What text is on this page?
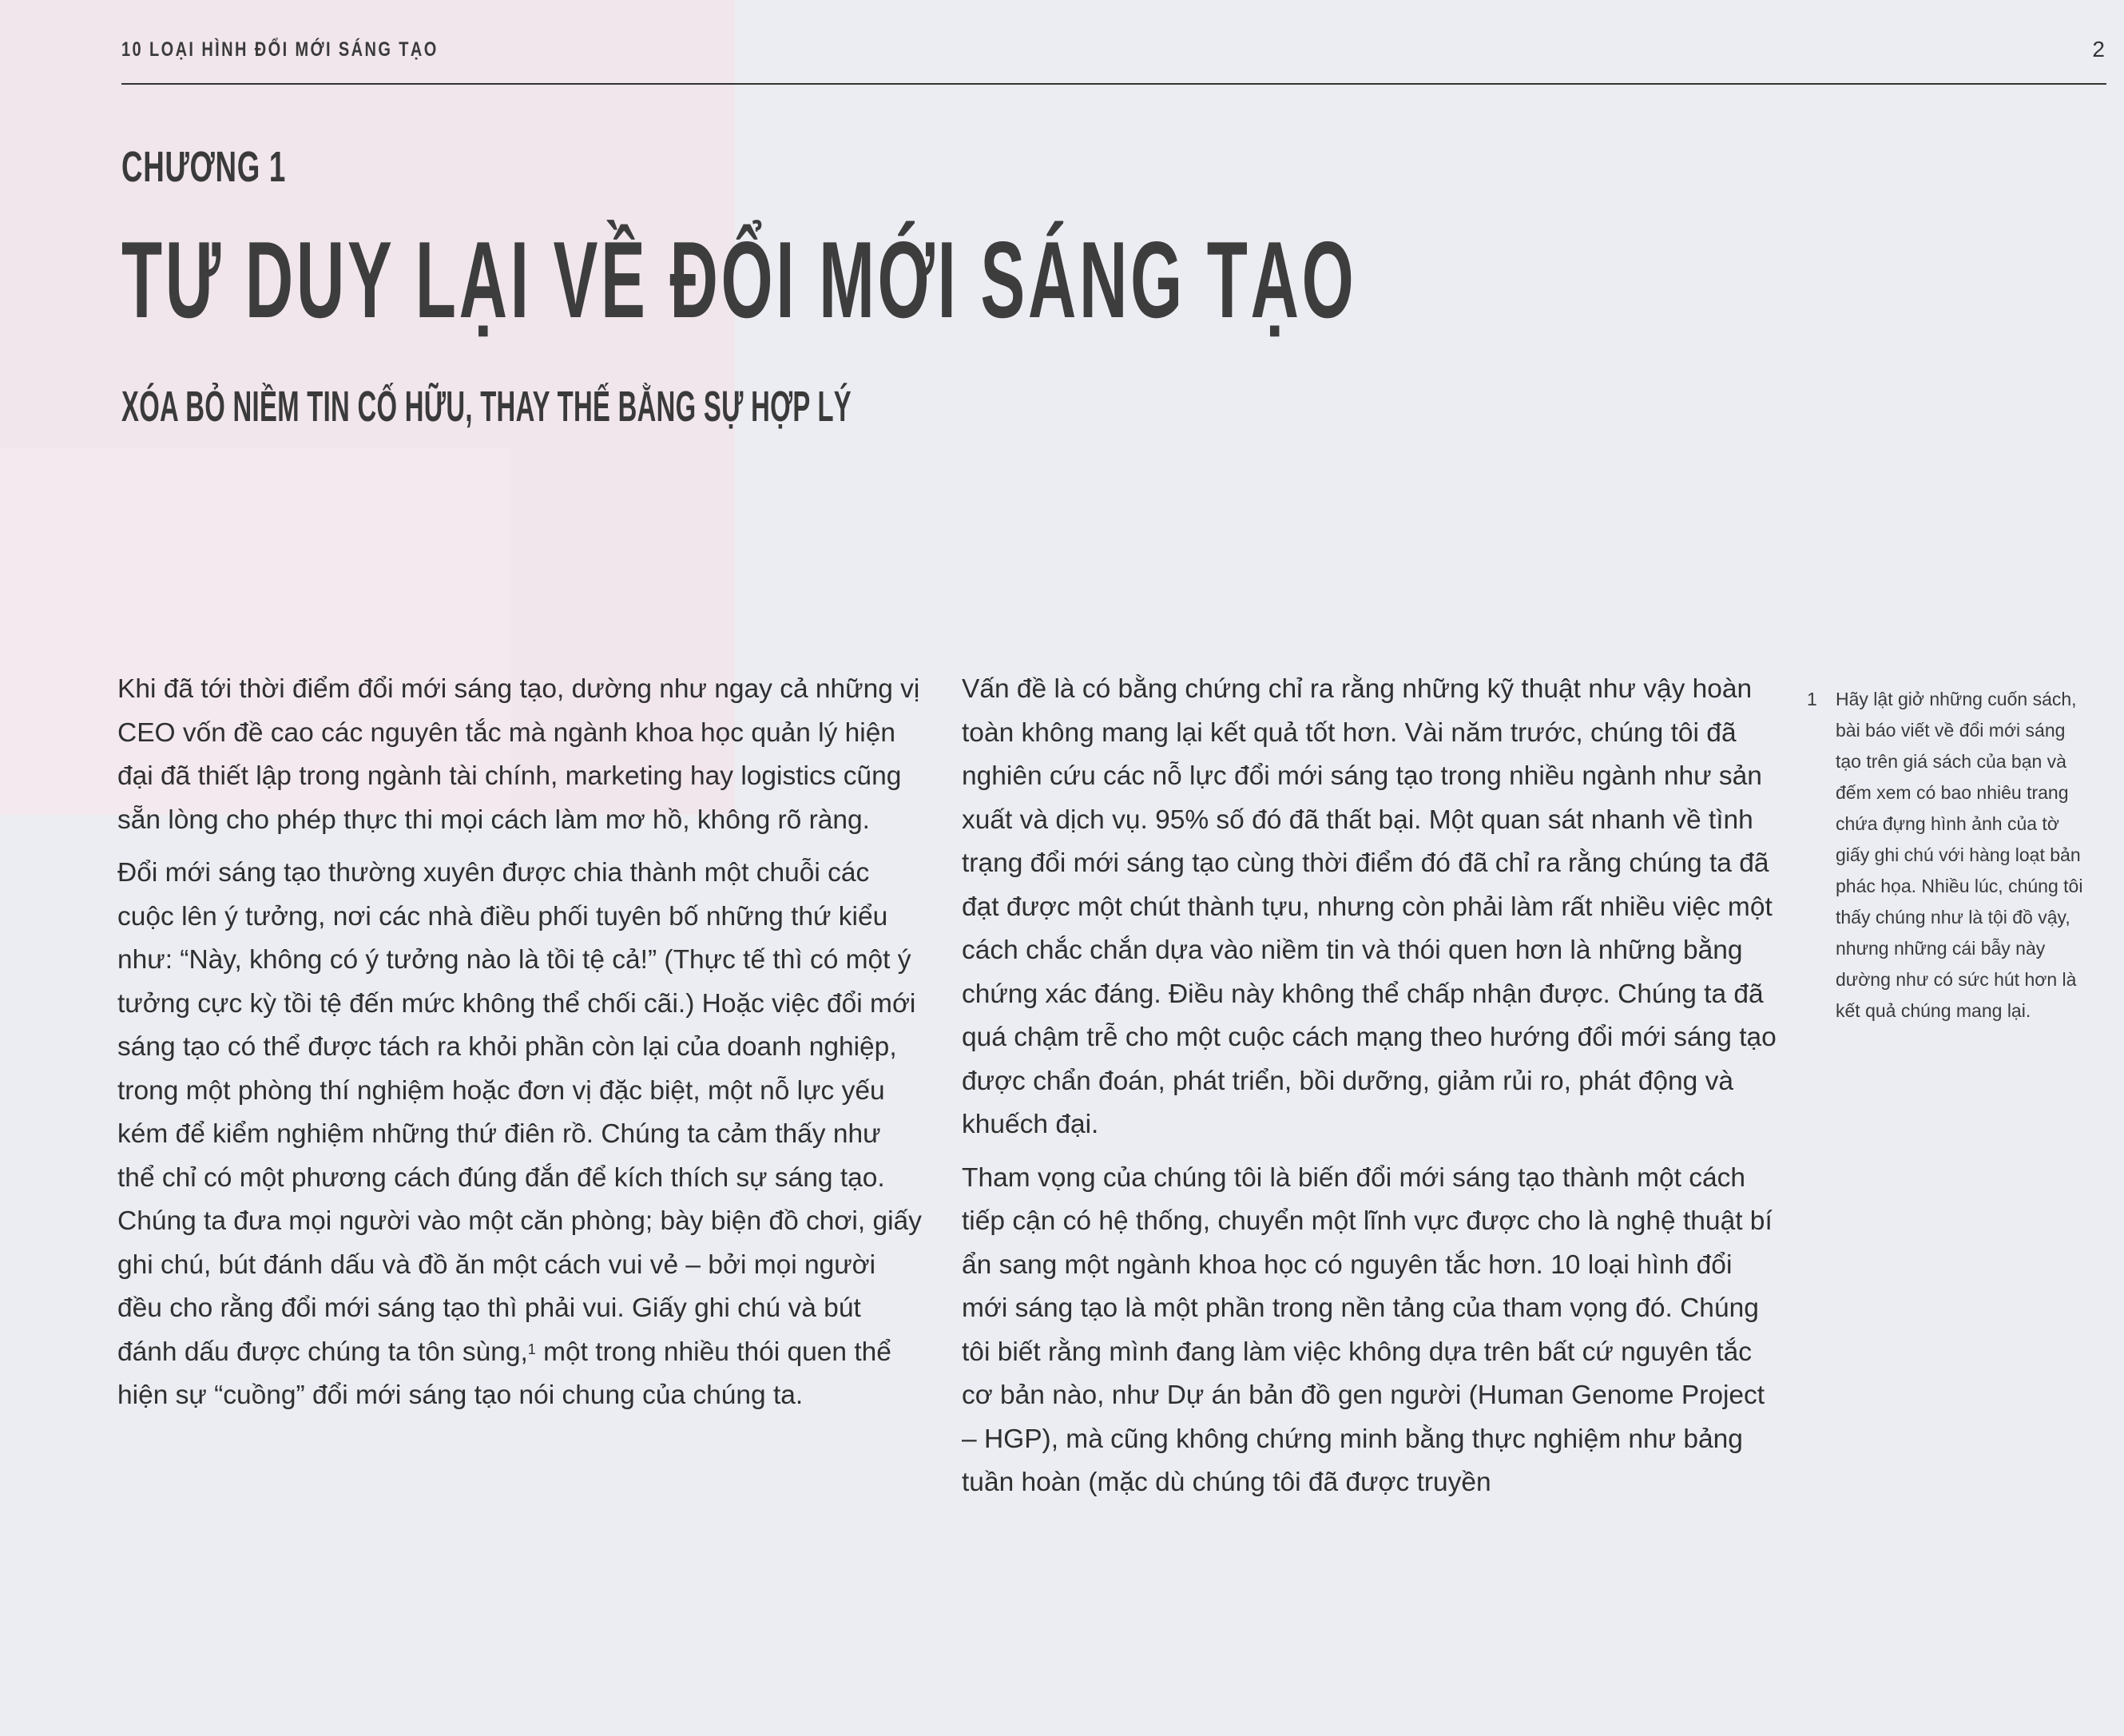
10 LOẠI HÌNH ĐỔI MỚI SÁNG TẠO	2
CHƯƠNG 1
TƯ DUY LẠI VỀ ĐỔI MỚI SÁNG TẠO
XÓA BỎ NIỀM TIN CỐ HỮU, THAY THẾ BẰNG SỰ HỢP LÝ

Khi đã tới thời điểm đổi mới sáng tạo, dường như ngay cả những vị CEO vốn đề cao các nguyên tắc mà ngành khoa học quản lý hiện đại đã thiết lập trong ngành tài chính, marketing hay logistics cũng sẵn lòng cho phép thực thi mọi cách làm mơ hồ, không rõ ràng.

Đổi mới sáng tạo thường xuyên được chia thành một chuỗi các cuộc lên ý tưởng, nơi các nhà điều phối tuyên bố những thứ kiểu như: “Này, không có ý tưởng nào là tồi tệ cả!” (Thực tế thì có một ý tưởng cực kỳ tồi tệ đến mức không thể chối cãi.) Hoặc việc đổi mới sáng tạo có thể được tách ra khỏi phần còn lại của doanh nghiệp, trong một phòng thí nghiệm hoặc đơn vị đặc biệt, một nỗ lực yếu kém để kiểm nghiệm những thứ điên rồ. Chúng ta cảm thấy như thể chỉ có một phương cách đúng đắn để kích thích sự sáng tạo. Chúng ta đưa mọi người vào một căn phòng; bày biện đồ chơi, giấy ghi chú, bút đánh dấu và đồ ăn một cách vui vẻ – bởi mọi người đều cho rằng đổi mới sáng tạo thì phải vui. Giấy ghi chú và bút đánh dấu được chúng ta tôn sùng,$^1$ một trong nhiều thói quen thể hiện sự “cuồng” đổi mới sáng tạo nói chung của chúng ta.

Vấn đề là có bằng chứng chỉ ra rằng những kỹ thuật như vậy hoàn toàn không mang lại kết quả tốt hơn. Vài năm trước, chúng tôi đã nghiên cứu các nỗ lực đổi mới sáng tạo trong nhiều ngành như sản xuất và dịch vụ. 95% số đó đã thất bại. Một quan sát nhanh về tình trạng đổi mới sáng tạo cùng thời điểm đó đã chỉ ra rằng chúng ta đã đạt được một chút thành tựu, nhưng còn phải làm rất nhiều việc một cách chắc chắn dựa vào niềm tin và thói quen hơn là những bằng chứng xác đáng. Điều này không thể chấp nhận được. Chúng ta đã quá chậm trễ cho một cuộc cách mạng theo hướng đổi mới sáng tạo được chẩn đoán, phát triển, bồi dưỡng, giảm rủi ro, phát động và khuếch đại.

Tham vọng của chúng tôi là biến đổi mới sáng tạo thành một cách tiếp cận có hệ thống, chuyển một lĩnh vực được cho là nghệ thuật bí ẩn sang một ngành khoa học có nguyên tắc hơn. 10 loại hình đổi mới sáng tạo là một phần trong nền tảng của tham vọng đó. Chúng tôi biết rằng mình đang làm việc không dựa trên bất cứ nguyên tắc cơ bản nào, như Dự án bản đồ gen người (Human Genome Project – HGP), mà cũng không chứng minh bằng thực nghiệm như bảng tuần hoàn (mặc dù chúng tôi đã được truyền

1 Hãy lật giở những cuốn sách, bài báo viết về đổi mới sáng tạo trên giá sách của bạn và đếm xem có bao nhiêu trang chứa đựng hình ảnh của tờ giấy ghi chú với hàng loạt bản phác họa. Nhiều lúc, chúng tôi thấy chúng như là tội đồ vậy, nhưng những cái bẫy này dường như có sức hút hơn là kết quả chúng mang lại.
